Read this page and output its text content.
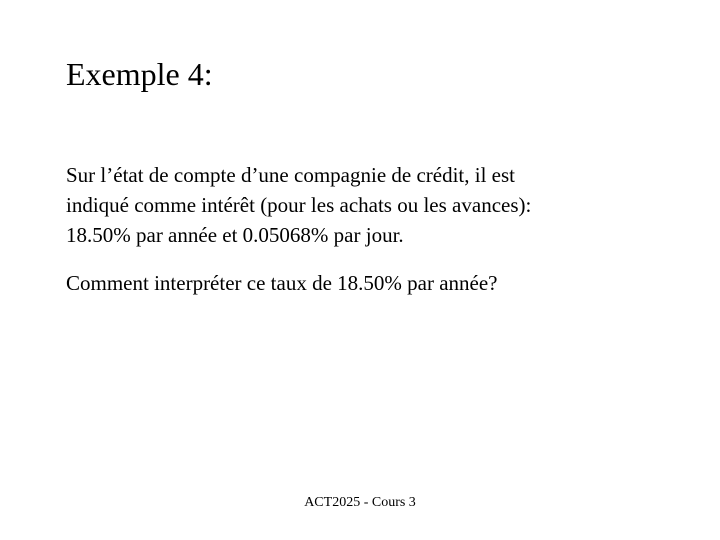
Exemple 4:

Sur l’état de compte d’une compagnie de crédit, il est
indiqué comme intérêt (pour les achats ou les avances):
18.50% par année et 0.05068% par jour.

Comment interpréter ce taux de 18.50% par année?

ACT2025 - Cours 3
